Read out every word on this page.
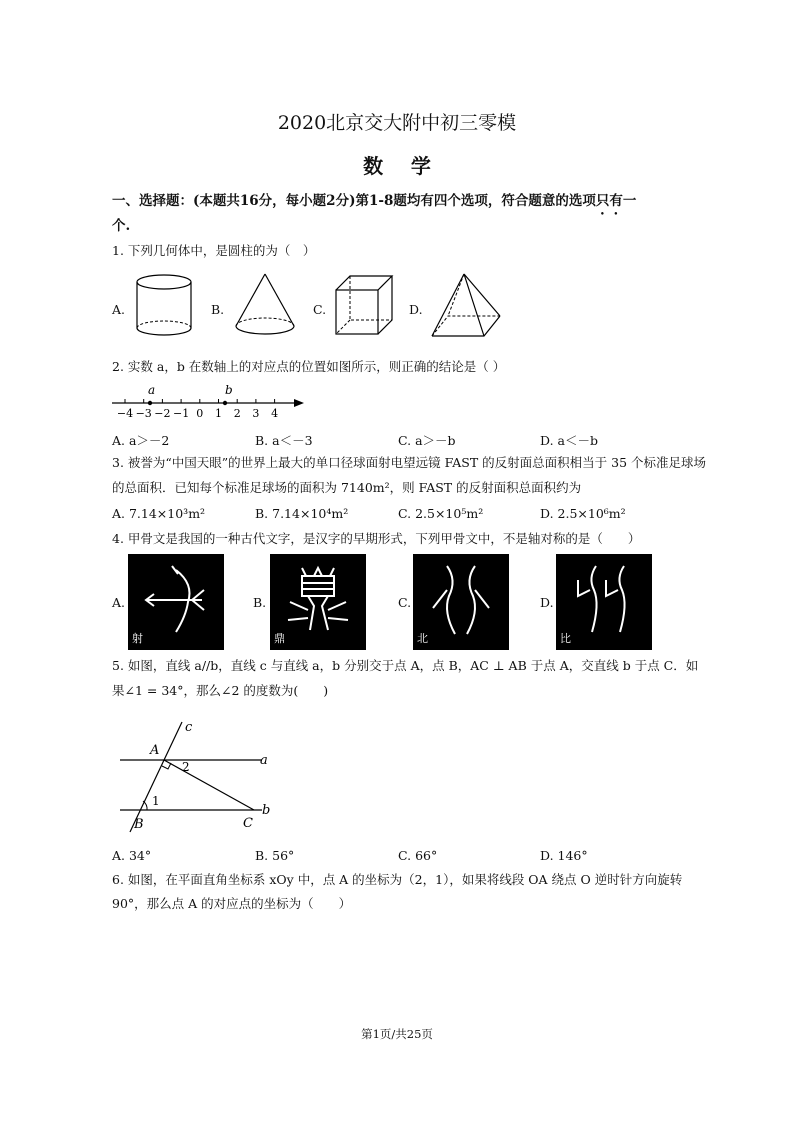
2020北京交大附中初三零模
数    学
一、选择题：(本题共16分，每小题2分)第1-8题均有四个选项，符合题意的选项只有一
个.
1. 下列几何体中，是圆柱的为（　）
A.	B.	C.	D.
2. 实数 a，b 在数轴上的对应点的位置如图所示，则正确的结论是（ ）
−4 −3 −2 −1 0 1 2 3 4
a	b
A. a＞－2	B. a＜－3	C. a＞－b	D. a＜－b
3. 被誉为“中国天眼”的世界上最大的单口径球面射电望远镜 FAST 的反射面总面积相当于 35 个标准足球场
的总面积．已知每个标准足球场的面积为 7140m²，则 FAST 的反射面积总面积约为
A. 7.14×10³m²	B. 7.14×10⁴m²	C. 2.5×10⁵m²	D. 2.5×10⁶m²
4. 甲骨文是我国的一种古代文字，是汉字的早期形式，下列甲骨文中，不是轴对称的是（　　）
A.	B.	C.	D.
射	鼎	北	比
5. 如图，直线 a//b，直线 c 与直线 a，b 分别交于点 A，点 B，AC ⊥ AB 于点 A，交直线 b 于点 C．如
果∠1 = 34°，那么∠2 的度数为(　　)
c
A
a
b
B	C
1
2
A. 34°	B. 56°	C. 66°	D. 146°
6. 如图，在平面直角坐标系 xOy 中，点 A 的坐标为（2，1），如果将线段 OA 绕点 O 逆时针方向旋转
90°，那么点 A 的对应点的坐标为（　　）
第1页/共25页
